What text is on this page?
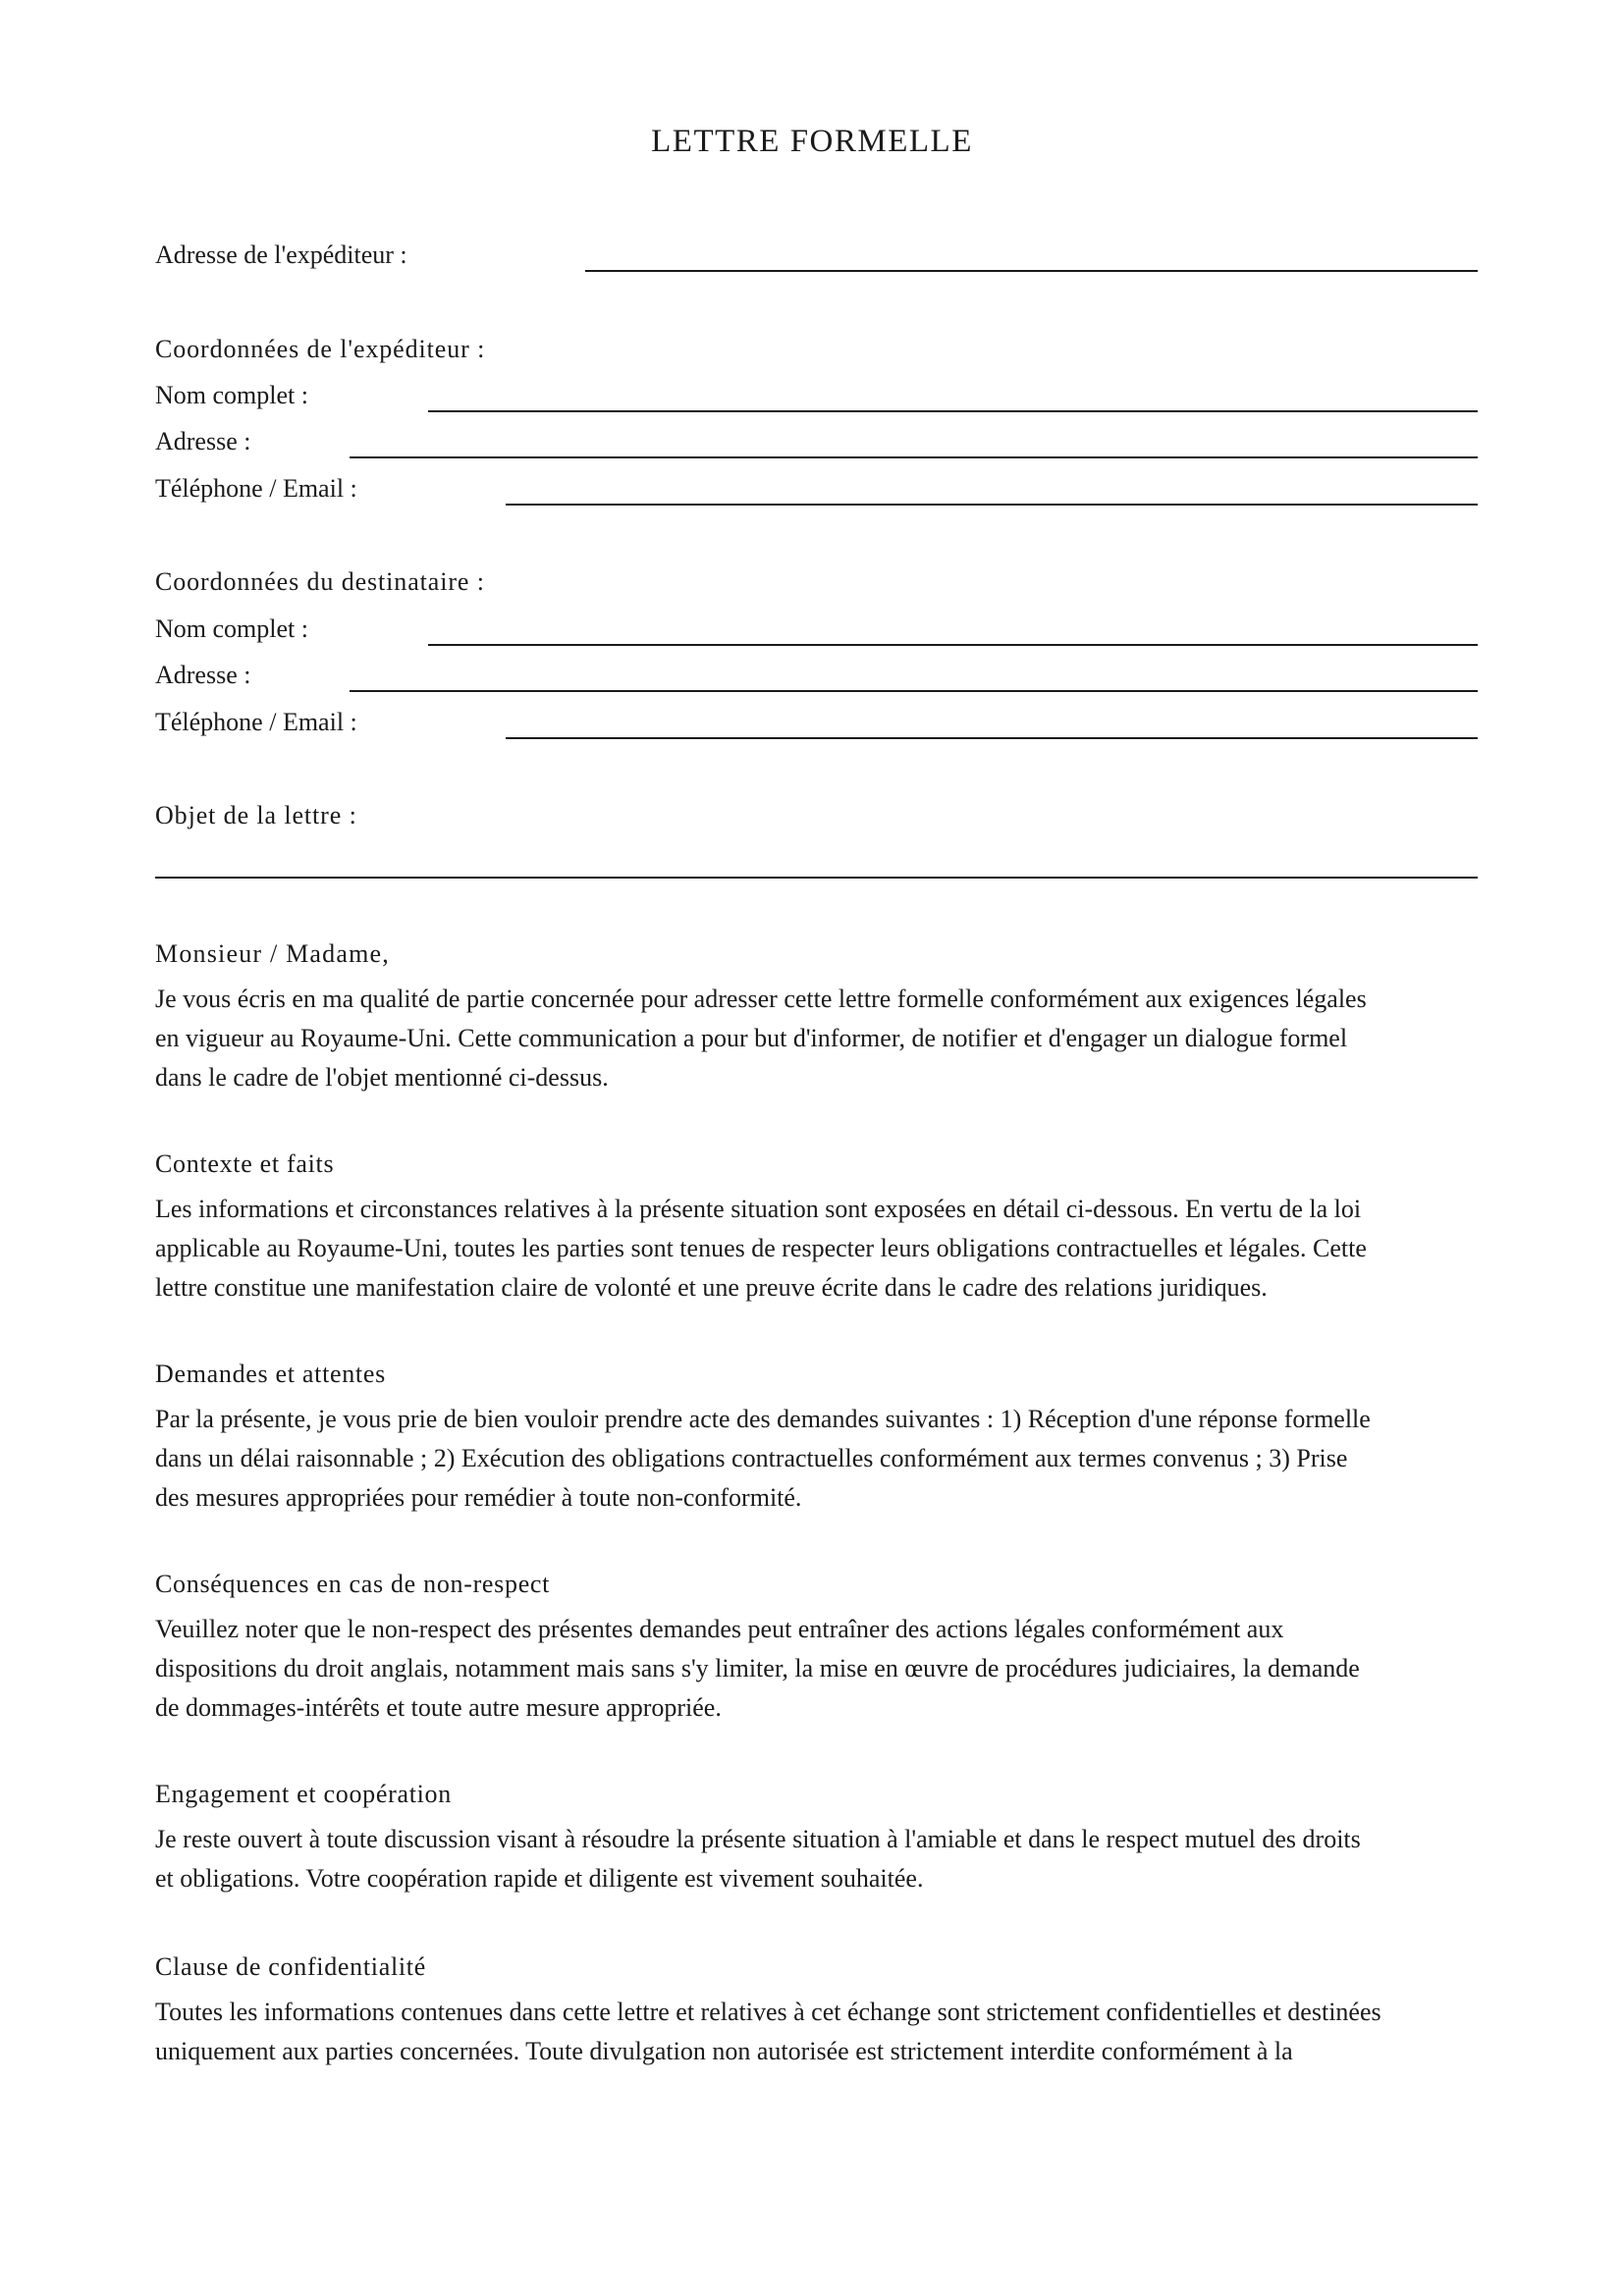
LETTRE FORMELLE
Adresse de l'expéditeur :
Coordonnées de l'expéditeur :
Nom complet :
Adresse :
Téléphone / Email :
Coordonnées du destinataire :
Nom complet :
Adresse :
Téléphone / Email :
Objet de la lettre :
Monsieur / Madame,
Je vous écris en ma qualité de partie concernée pour adresser cette lettre formelle conformément aux exigences légales
en vigueur au Royaume-Uni. Cette communication a pour but d'informer, de notifier et d'engager un dialogue formel
dans le cadre de l'objet mentionné ci-dessus.
Contexte et faits
Les informations et circonstances relatives à la présente situation sont exposées en détail ci-dessous. En vertu de la loi
applicable au Royaume-Uni, toutes les parties sont tenues de respecter leurs obligations contractuelles et légales. Cette
lettre constitue une manifestation claire de volonté et une preuve écrite dans le cadre des relations juridiques.
Demandes et attentes
Par la présente, je vous prie de bien vouloir prendre acte des demandes suivantes : 1) Réception d'une réponse formelle
dans un délai raisonnable ; 2) Exécution des obligations contractuelles conformément aux termes convenus ; 3) Prise
des mesures appropriées pour remédier à toute non-conformité.
Conséquences en cas de non-respect
Veuillez noter que le non-respect des présentes demandes peut entraîner des actions légales conformément aux
dispositions du droit anglais, notamment mais sans s'y limiter, la mise en œuvre de procédures judiciaires, la demande
de dommages-intérêts et toute autre mesure appropriée.
Engagement et coopération
Je reste ouvert à toute discussion visant à résoudre la présente situation à l'amiable et dans le respect mutuel des droits
et obligations. Votre coopération rapide et diligente est vivement souhaitée.
Clause de confidentialité
Toutes les informations contenues dans cette lettre et relatives à cet échange sont strictement confidentielles et destinées
uniquement aux parties concernées. Toute divulgation non autorisée est strictement interdite conformément à la
